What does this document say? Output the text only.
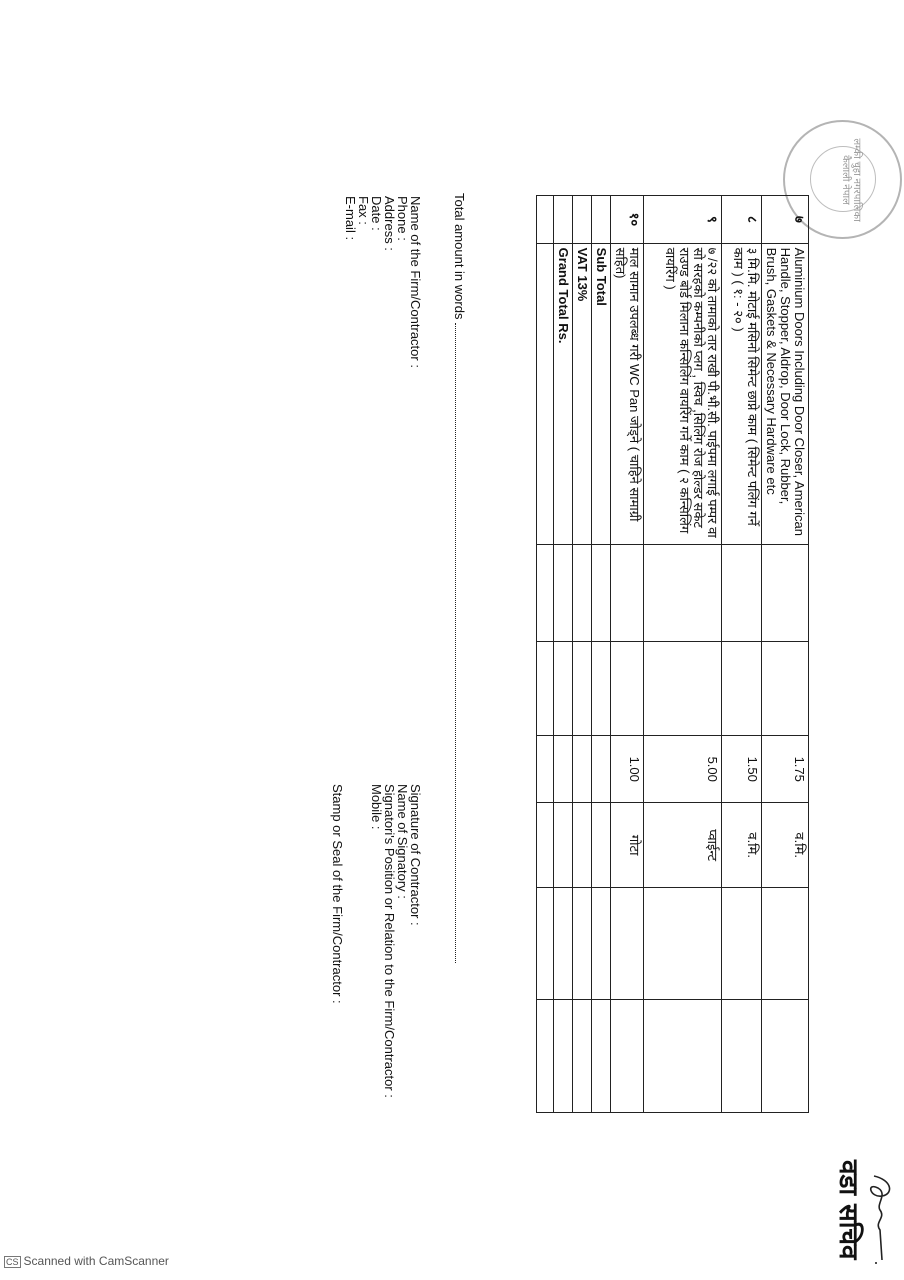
लम्की चुहा नगरपालिका कैलाली नेपाल
वडा सचिव
७	Aluminium Doors Including Door Closer, American Handle, Stopper, Aldrop, Door Lock, Rubber, Brush, Gaskets & Necessary Hardware etc			1.75	व.मि.		
८	३ मि.मि. मोटाई मसिनो सिमेन्ट छाप्ने काम ( सिमेन्ट पलिंग गर्ने काम ) ( १: - २० )			1.50	व.मि.		
९	७ /२२ को तामाको तार राखी पी.भी.सी. पाईपमा लगाई पम्पर वा सो सरहको कम्पनीको प्लग , स्विच ,सिलिंग रोज होल्डर सकेट राउण्ड बोर्ड मिलाना कन्सिलिंग वायरिंग गर्ने काम ( २ कन्सिलिंग वायरिंग )			5.00	प्वाईन्ट		
१०	माल सामान उपलब्ध गरी WC Pan जोड्ने ( चाहिने सामाग्री सहित)			1.00	गोटा		
	Sub Total						
	VAT 13%						
	Grand Total Rs.						

Total amount in words
Name of the Firm/Contractor :
Phone :
Address :
Date :
Fax :
E-mail :
Signature of Contractor :
Name of Signatory :
Signatori's Position or Relation to the Firm/Contractor :
Mobile :
Stamp or Seal of the Firm/Contractor :
CS Scanned with CamScanner
